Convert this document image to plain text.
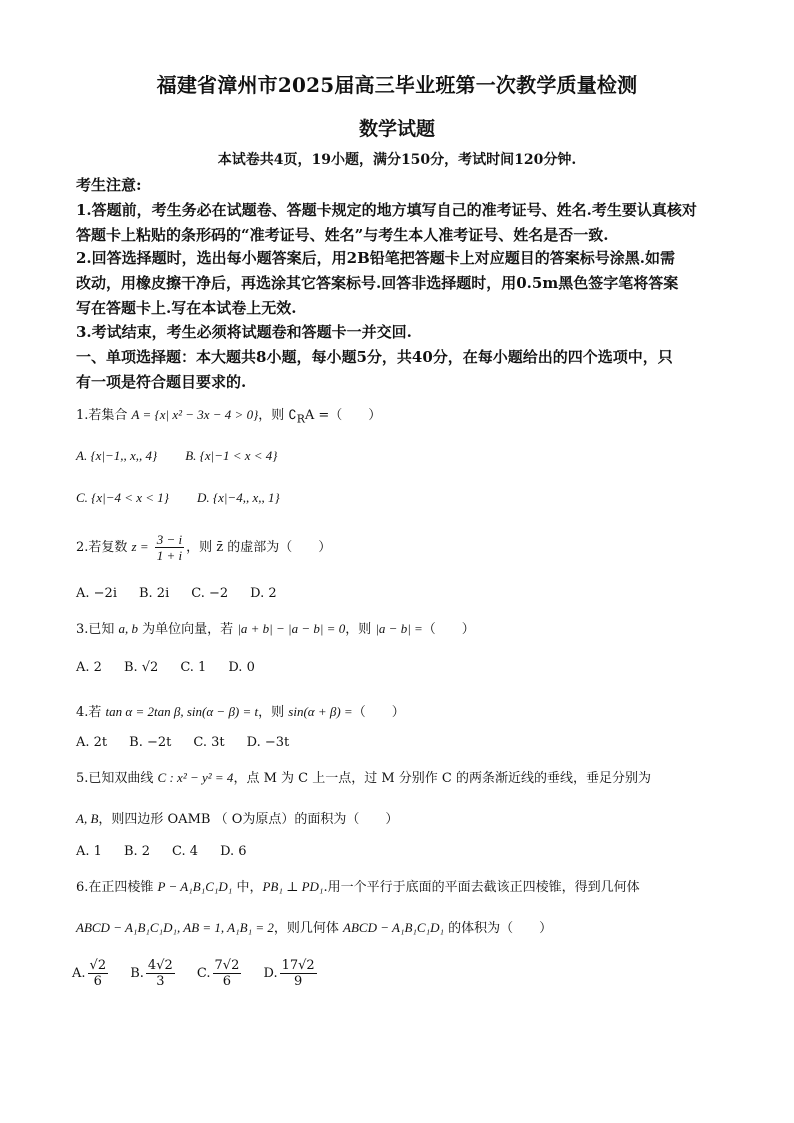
福建省漳州市2025届高三毕业班第一次教学质量检测
数学试题
本试卷共4页，19小题，满分150分，考试时间120分钟.
考生注意:
1.答题前，考生务必在试题卷、答题卡规定的地方填写自己的准考证号、姓名.考生要认真核对
答题卡上粘贴的条形码的“准考证号、姓名”与考生本人准考证号、姓名是否一致.
2.回答选择题时，选出每小题答案后，用2B铅笔把答题卡上对应题目的答案标号涂黑.如需
改动，用橡皮擦干净后，再选涂其它答案标号.回答非选择题时，用0.5m黑色签字笔将答案
写在答题卡上.写在本试卷上无效.
3.考试结束，考生必须将试题卷和答题卡一并交回.
一、单项选择题：本大题共8小题，每小题5分，共40分，在每小题给出的四个选项中，只
有一项是符合题目要求的.
1.若集合 A = {x| x² − 3x − 4 > 0}，则 $∁_RA$ =（　　）
A. {x|−1,, x,, 4} B. {x|−1 < x < 4}
C. {x|−4 < x < 1} D. {x|−4,, x,, 1}
2.若复数 $z = \frac{3 - i}{1 + i}$ ，则 z̄ 的虚部为（　　）
A. −2i B. 2i C. −2 D. 2
3.已知 a, b 为单位向量，若 |a + b| − |a − b| = 0，则 |a − b| =（　　）
A. 2 B. √2 C. 1 D. 0
4.若 tan α = 2tan β, sin(α − β) = t，则 sin(α + β) =（　　）
A. 2t B. −2t C. 3t D. −3t
5.已知双曲线 C : x² − y² = 4，点 M 为 C 上一点，过 M 分别作 C 的两条渐近线的垂线，垂足分别为
A, B，则四边形 OAMB （ O为原点）的面积为（　　）
A. 1 B. 2 C. 4 D. 6
6.在正四棱锥 P − A₁B₁C₁D₁ 中，PB₁ ⊥ PD₁.用一个平行于底面的平面去截该正四棱锥，得到几何体
ABCD − A₁B₁C₁D₁, AB = 1, A₁B₁ = 2，则几何体 ABCD − A₁B₁C₁D₁ 的体积为（　　）
A. $\frac{√2}{6} B$. $\frac{4√2}{3} C$. $\frac{7√2}{6} D$. $\frac{17√2}{9}$
